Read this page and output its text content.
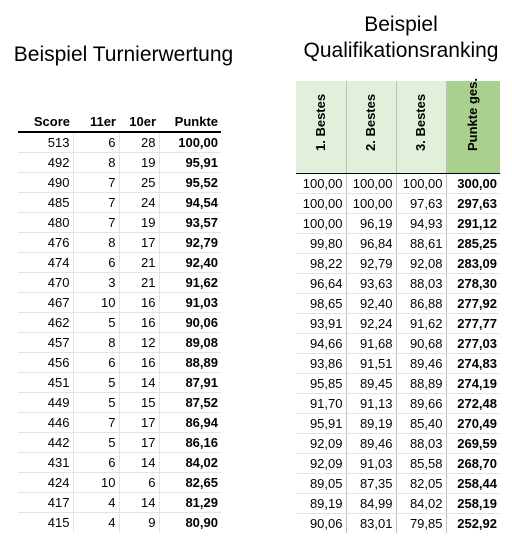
Beispiel Turnierwertung
Beispiel
Qualifikationsranking
Score	11er	10er	Punkte
513	6	28	100,00
492	8	19	95,91
490	7	25	95,52
485	7	24	94,54
480	7	19	93,57
476	8	17	92,79
474	6	21	92,40
470	3	21	91,62
467	10	16	91,03
462	5	16	90,06
457	8	12	89,08
456	6	16	88,89
451	5	14	87,91
449	5	15	87,52
446	7	17	86,94
442	5	17	86,16
431	6	14	84,02
424	10	6	82,65
417	4	14	81,29
415	4	9	80,90
1. Bestes	2. Bestes	3. Bestes	Punkte ges.

100,00	100,00	100,00	300,00
100,00	100,00	97,63	297,63
100,00	96,19	94,93	291,12
99,80	96,84	88,61	285,25
98,22	92,79	92,08	283,09
96,64	93,63	88,03	278,30
98,65	92,40	86,88	277,92
93,91	92,24	91,62	277,77
94,66	91,68	90,68	277,03
93,86	91,51	89,46	274,83
95,85	89,45	88,89	274,19
91,70	91,13	89,66	272,48
95,91	89,19	85,40	270,49
92,09	89,46	88,03	269,59
92,09	91,03	85,58	268,70
89,05	87,35	82,05	258,44
89,19	84,99	84,02	258,19
90,06	83,01	79,85	252,92
